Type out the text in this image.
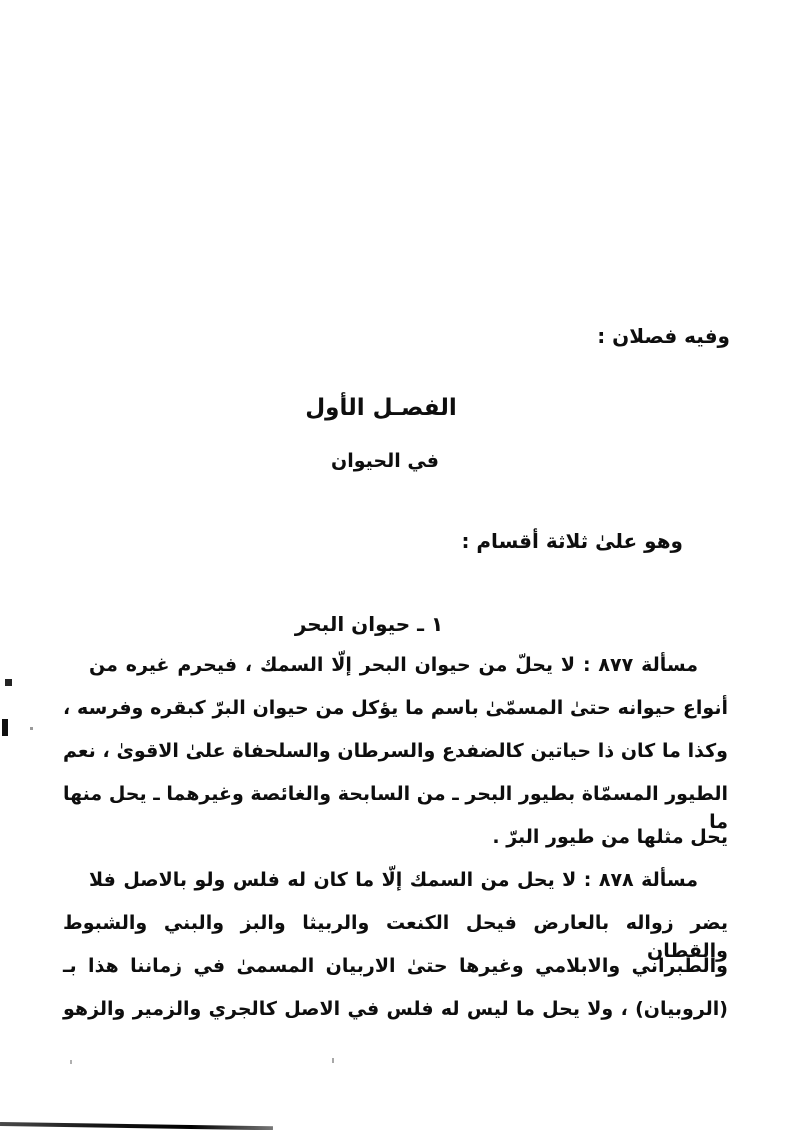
وفيه فصلان :
الفصـل الأول
في الحيوان
وهو علىٰ ثلاثة أقسام :
١ ـ حيوان البحر
مسألة ٨٧٧ : لا يحلّ من حيوان البحر إلّا السمك ، فيحرم غيره من
أنواع حيوانه حتىٰ المسمّىٰ باسم ما يؤكل من حيوان البرّ كبقره وفرسه ،
وكذا ما كان ذا حياتين كالضفدع والسرطان والسلحفاة علىٰ الاقوىٰ ، نعم
الطيور المسمّاة بطيور البحر ـ من السابحة والغائصة وغيرهما ـ يحل منها ما
يحل مثلها من طيور البرّ .
مسألة ٨٧٨ : لا يحل من السمك إلّا ما كان له فلس ولو بالاصل فلا
يضر زواله بالعارض فيحل الكنعت والربيثا والبز والبني والشبوط والقطان
والطبراني والابلامي وغيرها حتىٰ الاربيان المسمىٰ في زماننا هذا بـ
(الروبيان) ، ولا يحل ما ليس له فلس في الاصل كالجري والزمير والزهو
